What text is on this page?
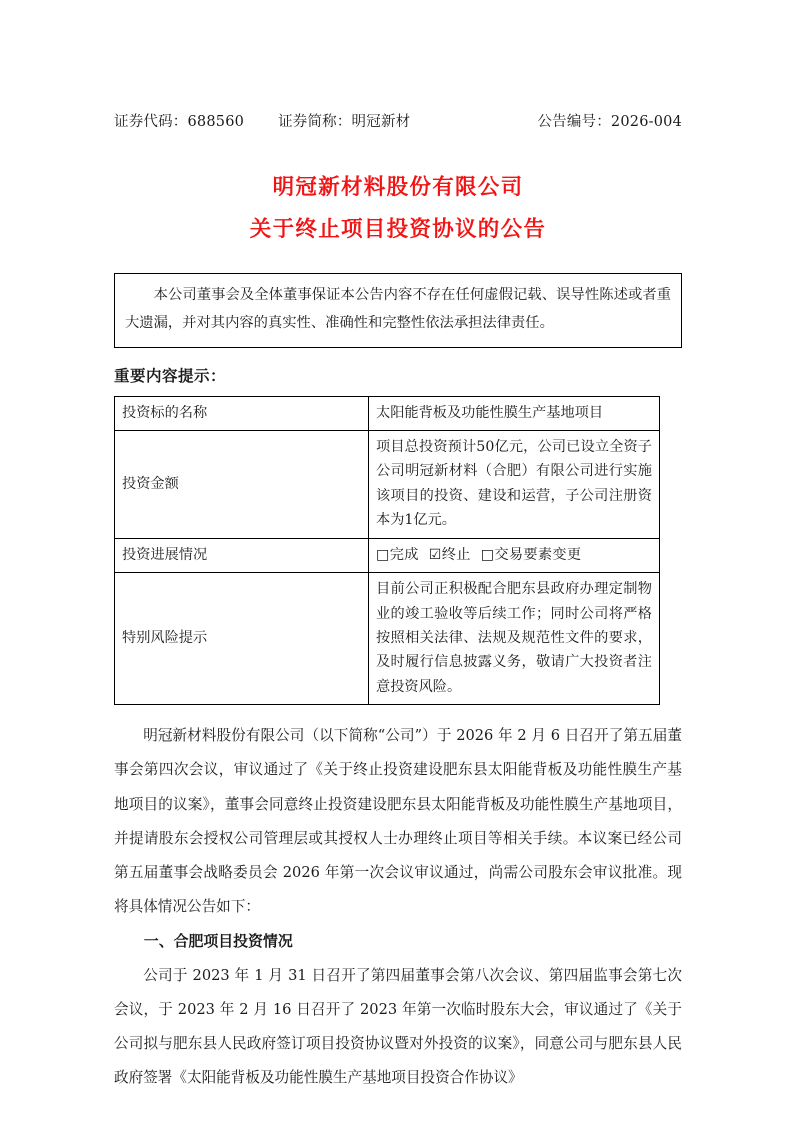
证券代码：688560 证券简称：明冠新材	公告编号：2026-004
明冠新材料股份有限公司
关于终止项目投资协议的公告

本公司董事会及全体董事保证本公告内容不存在任何虚假记载、误导性陈述或者重大遗漏，并对其内容的真实性、准确性和完整性依法承担法律责任。

重要内容提示：
投资标的名称	太阳能背板及功能性膜生产基地项目
投资金额	项目总投资预计50亿元，公司已设立全资子公司明冠新材料（合肥）有限公司进行实施该项目的投资、建设和运营，子公司注册资本为1亿元。
投资进展情况	□完成 ☑终止 □交易要素变更
特别风险提示	目前公司正积极配合肥东县政府办理定制物业的竣工验收等后续工作；同时公司将严格按照相关法律、法规及规范性文件的要求，及时履行信息披露义务，敬请广大投资者注意投资风险。

明冠新材料股份有限公司（以下简称“公司”）于 2026 年 2 月 6 日召开了第五届董事会第四次会议，审议通过了《关于终止投资建设肥东县太阳能背板及功能性膜生产基地项目的议案》，董事会同意终止投资建设肥东县太阳能背板及功能性膜生产基地项目，并提请股东会授权公司管理层或其授权人士办理终止项目等相关手续。本议案已经公司第五届董事会战略委员会 2026 年第一次会议审议通过，尚需公司股东会审议批准。现将具体情况公告如下：

一、合肥项目投资情况

公司于 2023 年 1 月 31 日召开了第四届董事会第八次会议、第四届监事会第七次会议，于 2023 年 2 月 16 日召开了 2023 年第一次临时股东大会，审议通过了《关于公司拟与肥东县人民政府签订项目投资协议暨对外投资的议案》，同意公司与肥东县人民政府签署《太阳能背板及功能性膜生产基地项目投资合作协议》
